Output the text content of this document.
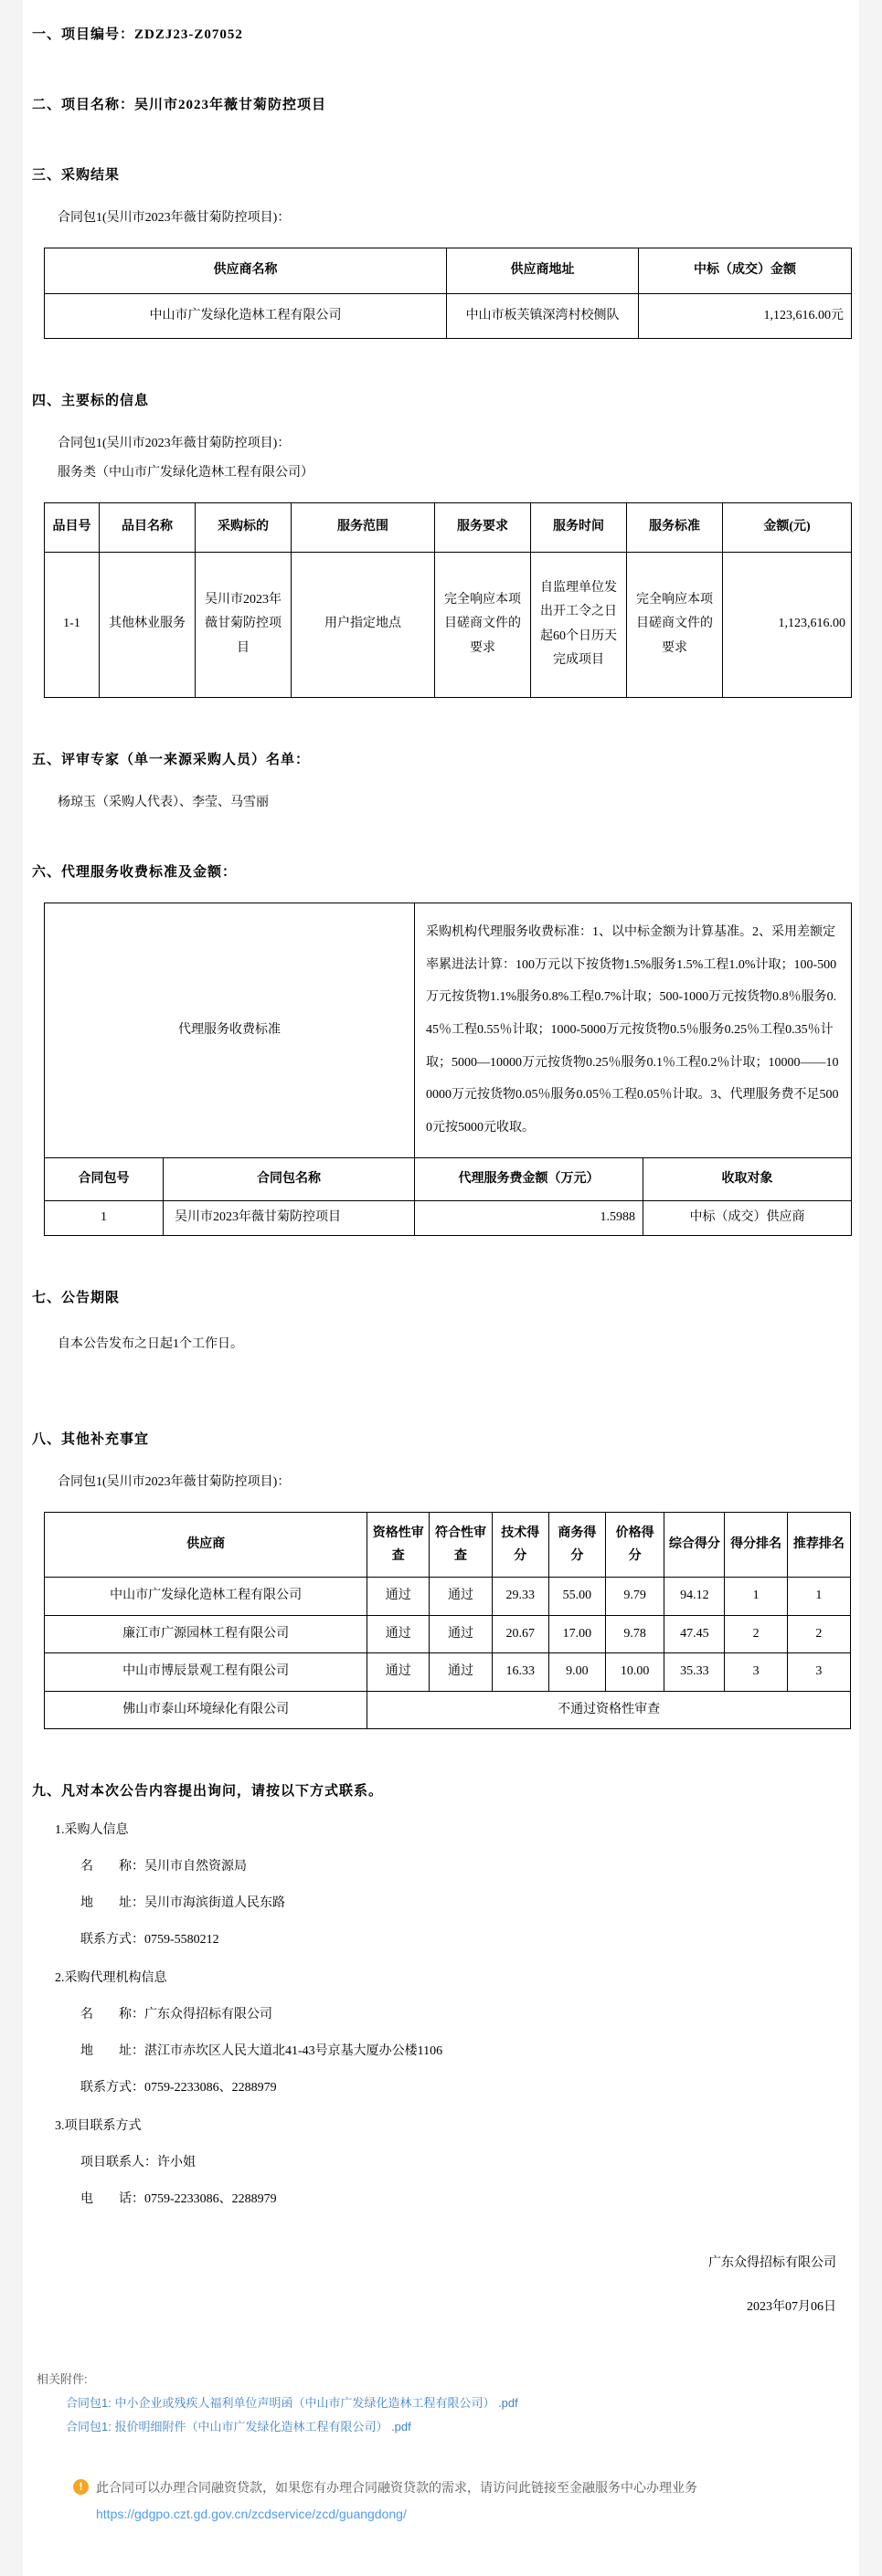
一、项目编号：ZDZJ23-Z07052
二、项目名称：吴川市2023年薇甘菊防控项目
三、采购结果
合同包1(吴川市2023年薇甘菊防控项目)：
供应商名称	供应商地址	中标（成交）金额
中山市广发绿化造林工程有限公司	中山市板芙镇深湾村校侧队	1,123,616.00元
四、主要标的信息
合同包1(吴川市2023年薇甘菊防控项目)：
服务类（中山市广发绿化造林工程有限公司）
品目号	品目名称	采购标的	服务范围	服务要求	服务时间	服务标准	金额(元)
1-1	其他林业服务	吴川市2023年薇甘菊防控项目	用户指定地点	完全响应本项目磋商文件的要求	自监理单位发出开工令之日起60个日历天完成项目	完全响应本项目磋商文件的要求	1,123,616.00
五、评审专家（单一来源采购人员）名单：
杨琼玉（采购人代表）、李莹、马雪丽
六、代理服务收费标准及金额：
代理服务收费标准		采购机构代理服务收费标准：1、以中标金额为计算基准。2、采用差额定率累进法计算：100万元以下按货物1.5%服务1.5%工程1.0%计取；100-500万元按货物1.1%服务0.8%工程0.7%计取；500-1000万元按货物0.8％服务0.45％工程0.55％计取；1000-5000万元按货物0.5％服务0.25％工程0.35％计取；5000—10000万元按货物0.25％服务0.1％工程0.2％计取；10000——100000万元按货物0.05％服务0.05％工程0.05％计取。3、代理服务费不足5000元按5000元收取。	
合同包号	合同包名称	代理服务费金额（万元）	收取对象
1	吴川市2023年薇甘菊防控项目	1.5988	中标（成交）供应商
七、公告期限
自本公告发布之日起1个工作日。
八、其他补充事宜
合同包1(吴川市2023年薇甘菊防控项目)：
供应商	资格性审查	符合性审查	技术得分	商务得分	价格得分	综合得分	得分排名	推荐排名
中山市广发绿化造林工程有限公司	通过	通过	29.33	55.00	9.79	94.12	1	1
廉江市广源园林工程有限公司	通过	通过	20.67	17.00	9.78	47.45	2	2
中山市博辰景观工程有限公司	通过	通过	16.33	9.00	10.00	35.33	3	3
佛山市泰山环境绿化有限公司	不通过资格性审查							
九、凡对本次公告内容提出询问，请按以下方式联系。
1.采购人信息
名　　称：吴川市自然资源局
地　　址：吴川市海滨街道人民东路
联系方式：0759-5580212
2.采购代理机构信息
名　　称：广东众得招标有限公司
地　　址：湛江市赤坎区人民大道北41-43号京基大厦办公楼1106
联系方式：0759-2233086、2288979
3.项目联系方式
项目联系人：许小姐
电　　话：0759-2233086、2288979
广东众得招标有限公司
2023年07月06日
相关附件:
合同包1: 中小企业或残疾人福利单位声明函（中山市广发绿化造林工程有限公司） .pdf
合同包1: 报价明细附件（中山市广发绿化造林工程有限公司） .pdf
!	此合同可以办理合同融资贷款，如果您有办理合同融资贷款的需求，请访问此链接至金融服务中心办理业务
https://gdgpo.czt.gd.gov.cn/zcdservice/zcd/guangdong/
